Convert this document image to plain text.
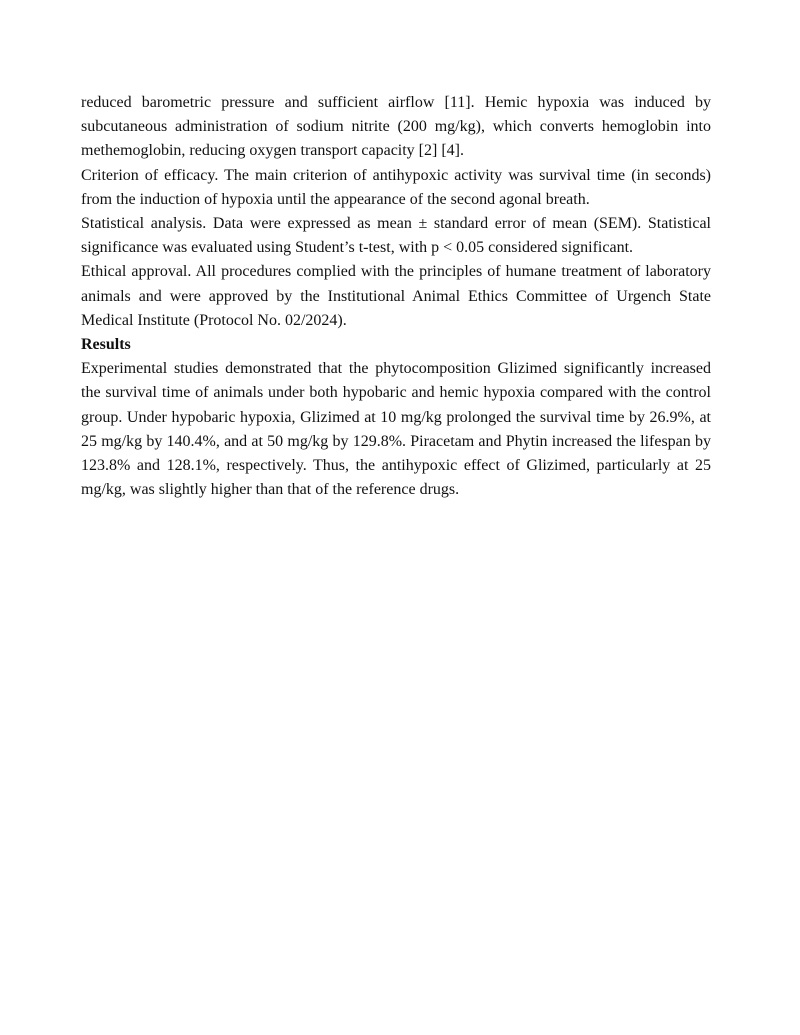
reduced barometric pressure and sufficient airflow [11]. Hemic hypoxia was induced by subcutaneous administration of sodium nitrite (200 mg/kg), which converts hemoglobin into methemoglobin, reducing oxygen transport capacity [2] [4].

Criterion of efficacy. The main criterion of antihypoxic activity was survival time (in seconds) from the induction of hypoxia until the appearance of the second agonal breath.

Statistical analysis. Data were expressed as mean ± standard error of mean (SEM). Statistical significance was evaluated using Student’s t-test, with p < 0.05 considered significant.

Ethical approval. All procedures complied with the principles of humane treatment of laboratory animals and were approved by the Institutional Animal Ethics Committee of Urgench State Medical Institute (Protocol No. 02/2024).

Results

Experimental studies demonstrated that the phytocomposition Glizimed significantly increased the survival time of animals under both hypobaric and hemic hypoxia compared with the control group. Under hypobaric hypoxia, Glizimed at 10 mg/kg prolonged the survival time by 26.9%, at 25 mg/kg by 140.4%, and at 50 mg/kg by 129.8%. Piracetam and Phytin increased the lifespan by 123.8% and 128.1%, respectively. Thus, the antihypoxic effect of Glizimed, particularly at 25 mg/kg, was slightly higher than that of the reference drugs.
